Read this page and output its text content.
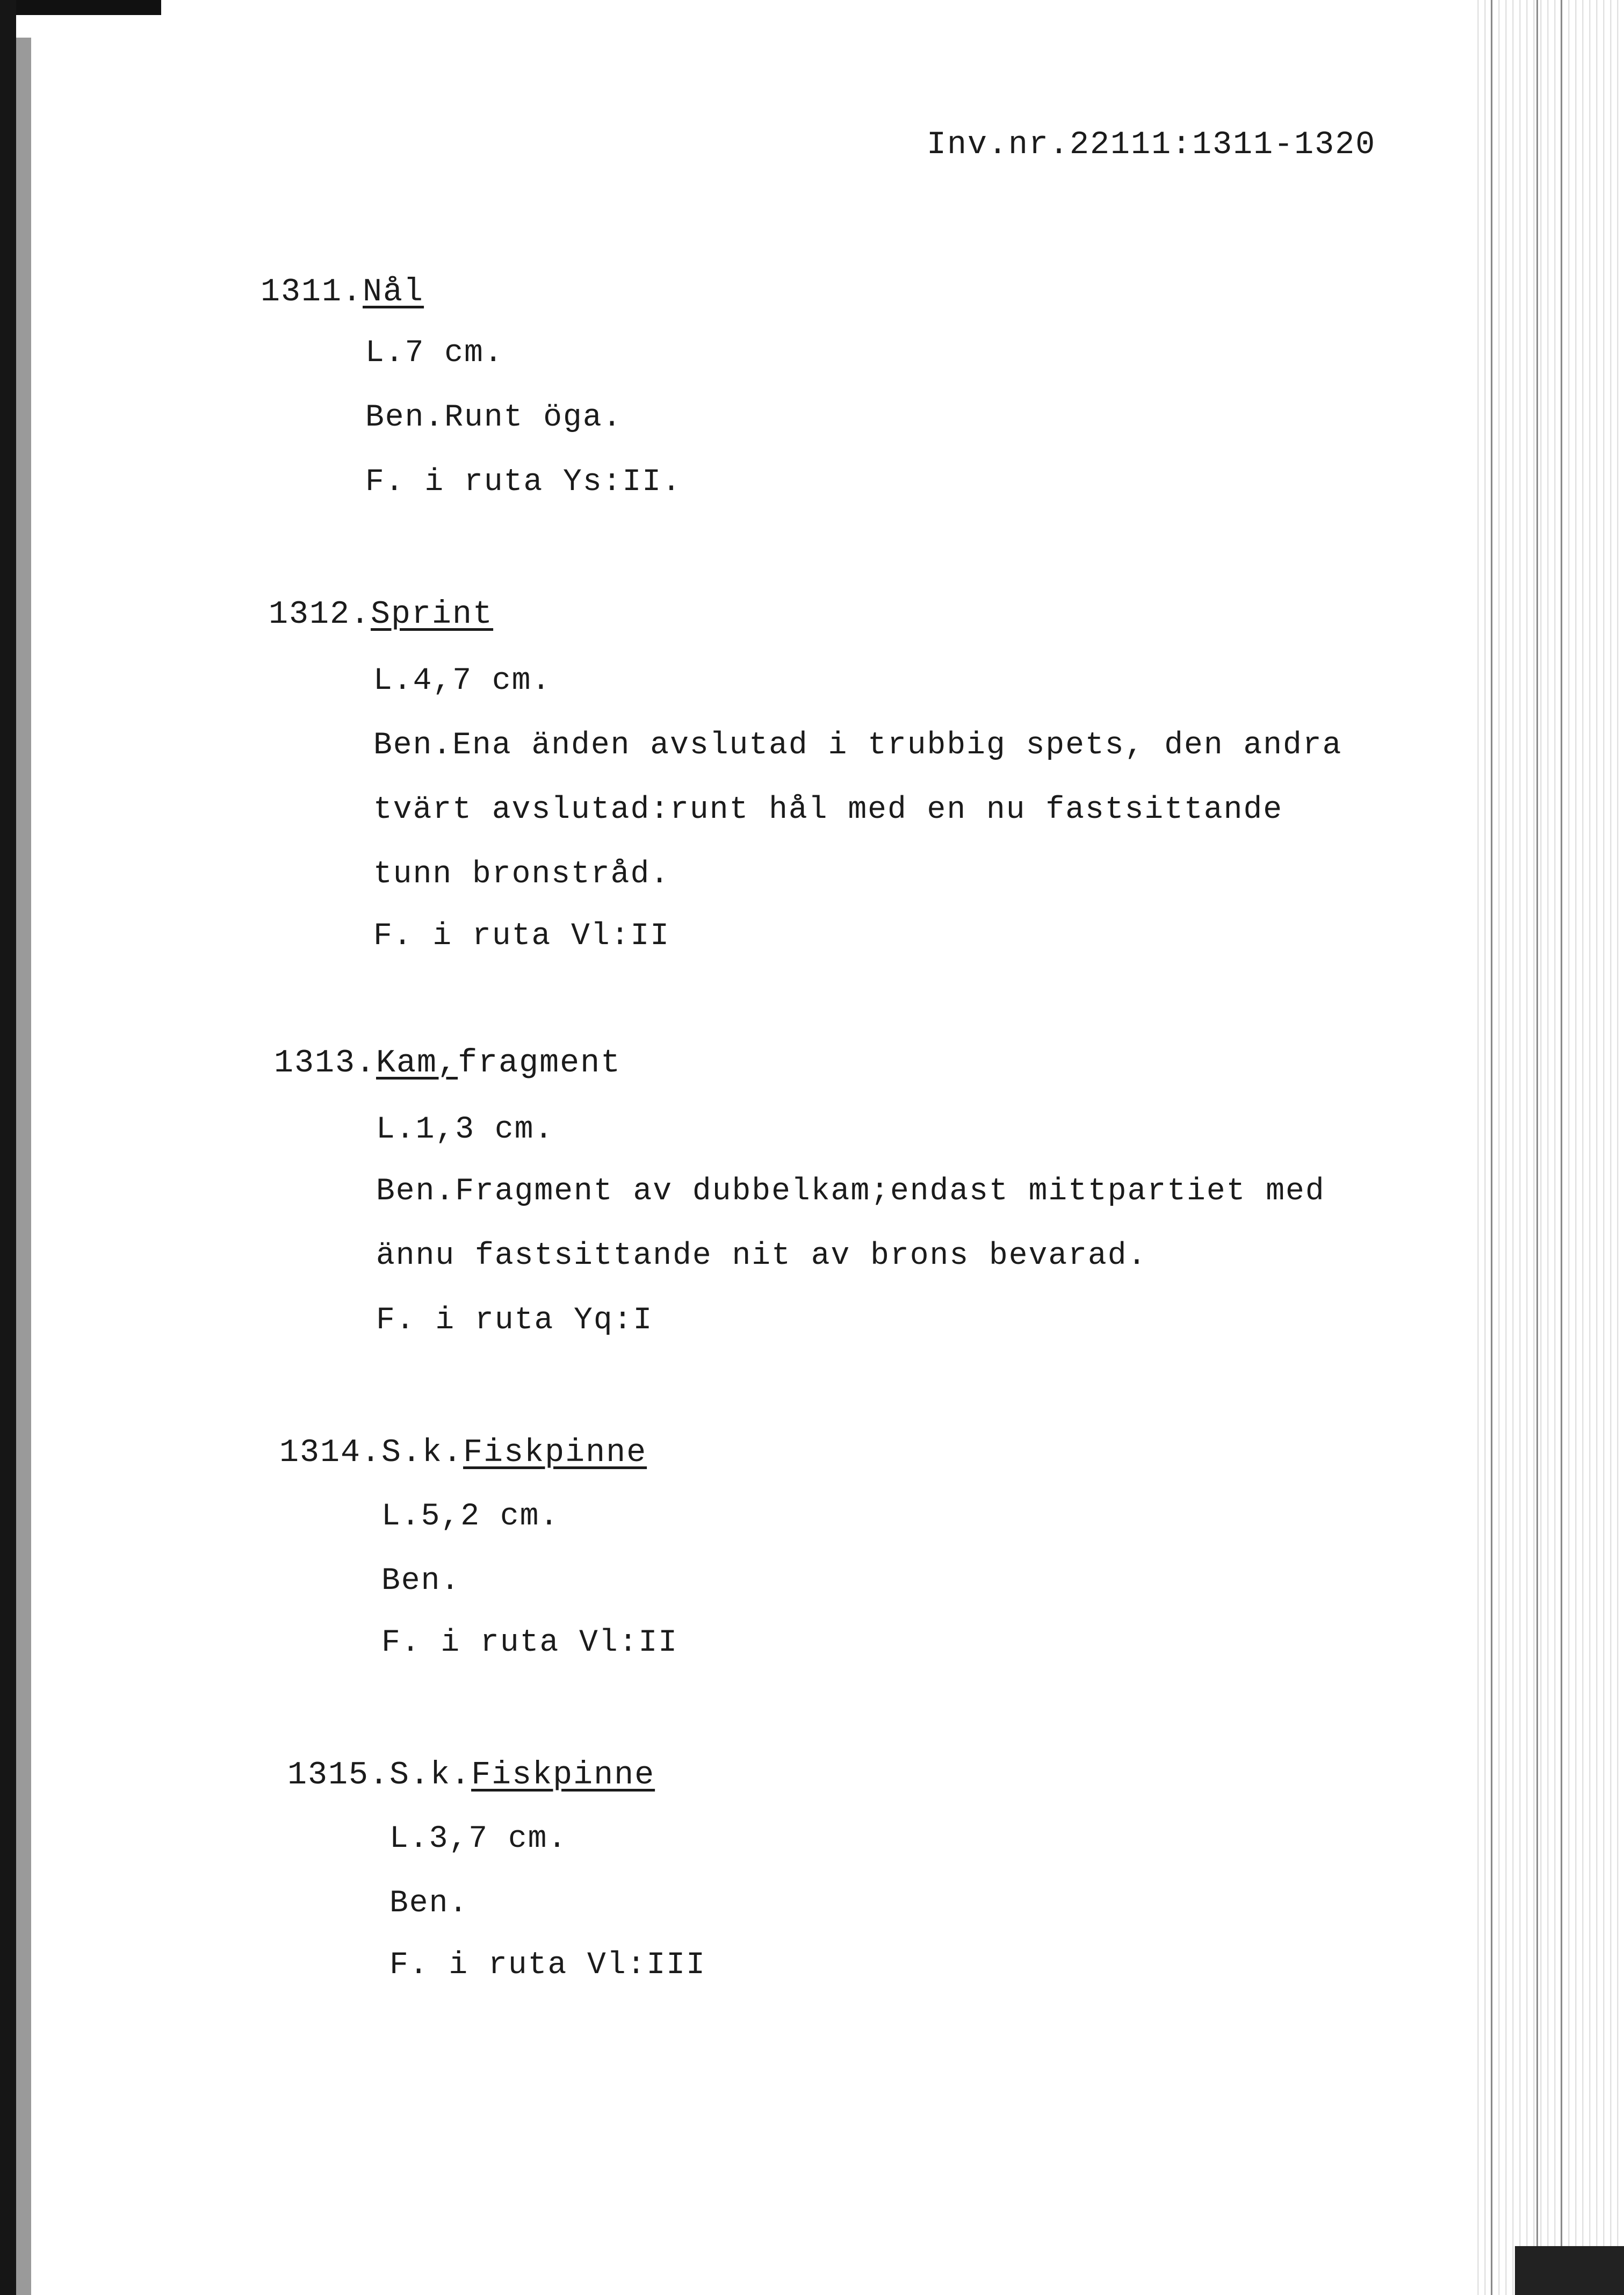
Inv.nr.22111:1311-1320
1311.Nål
L.7 cm.
Ben.Runt öga.
F. i ruta Ys:II.
1312.Sprint
L.4,7 cm.
Ben.Ena änden avslutad i trubbig spets, den andra
tvärt avslutad:runt hål med en nu fastsittande
tunn bronstråd.
F. i ruta Vl:II
1313.Kam,fragment
L.1,3 cm.
Ben.Fragment av dubbelkam;endast mittpartiet med
ännu fastsittande nit av brons bevarad.
F. i ruta Yq:I
1314.S.k.Fiskpinne
L.5,2 cm.
Ben.
F. i ruta Vl:II
1315.S.k.Fiskpinne
L.3,7 cm.
Ben.
F. i ruta Vl:III
